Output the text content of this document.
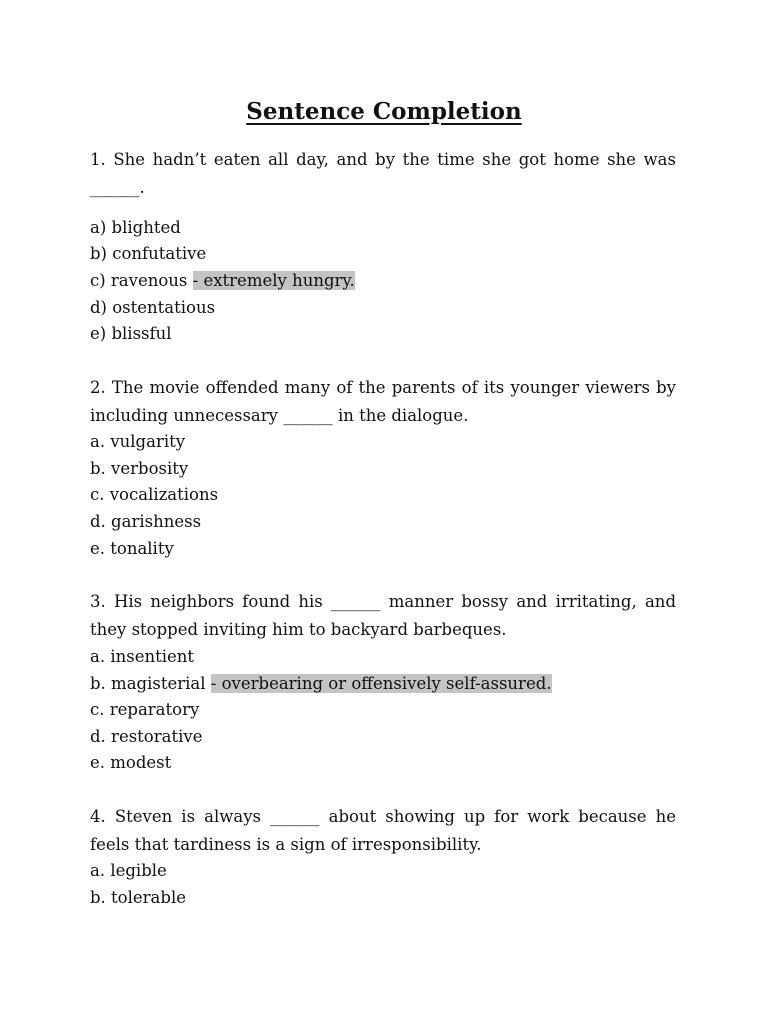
Sentence Completion
1. She hadn’t eaten all day, and by the time she got home she was ______.
a) blighted
b) confutative
c) ravenous - extremely hungry.
d) ostentatious
e) blissful
2. The movie offended many of the parents of its younger viewers by including unnecessary ______ in the dialogue.
a. vulgarity
b. verbosity
c. vocalizations
d. garishness
e. tonality
3. His neighbors found his ______ manner bossy and irritating, and they stopped inviting him to backyard barbeques.
a. insentient
b. magisterial - overbearing or offensively self-assured.
c. reparatory
d. restorative
e. modest
4. Steven is always ______ about showing up for work because he feels that tardiness is a sign of irresponsibility.
a. legible
b. tolerable
